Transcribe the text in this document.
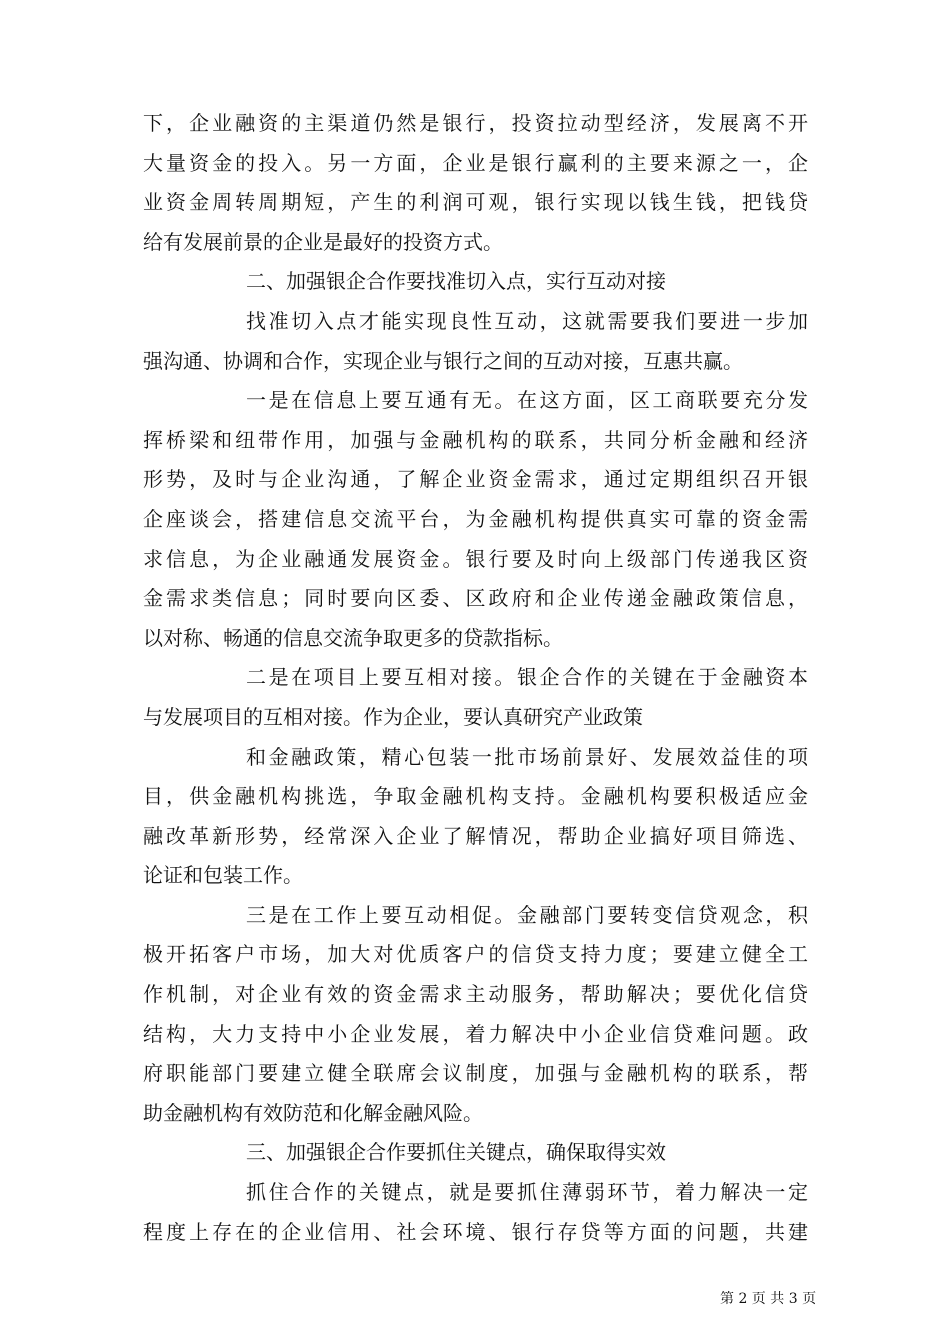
下，企业融资的主渠道仍然是银行，投资拉动型经济，发展离不开
大量资金的投入。另一方面，企业是银行赢利的主要来源之一，企
业资金周转周期短，产生的利润可观，银行实现以钱生钱，把钱贷
给有发展前景的企业是最好的投资方式。
二、加强银企合作要找准切入点，实行互动对接
找准切入点才能实现良性互动，这就需要我们要进一步加
强沟通、协调和合作，实现企业与银行之间的互动对接，互惠共赢。
一是在信息上要互通有无。在这方面，区工商联要充分发
挥桥梁和纽带作用，加强与金融机构的联系，共同分析金融和经济
形势，及时与企业沟通，了解企业资金需求，通过定期组织召开银
企座谈会，搭建信息交流平台，为金融机构提供真实可靠的资金需
求信息，为企业融通发展资金。银行要及时向上级部门传递我区资
金需求类信息；同时要向区委、区政府和企业传递金融政策信息，
以对称、畅通的信息交流争取更多的贷款指标。
二是在项目上要互相对接。银企合作的关键在于金融资本
与发展项目的互相对接。作为企业，要认真研究产业政策
和金融政策，精心包装一批市场前景好、发展效益佳的项
目，供金融机构挑选，争取金融机构支持。金融机构要积极适应金
融改革新形势，经常深入企业了解情况，帮助企业搞好项目筛选、
论证和包装工作。
三是在工作上要互动相促。金融部门要转变信贷观念，积
极开拓客户市场，加大对优质客户的信贷支持力度；要建立健全工
作机制，对企业有效的资金需求主动服务，帮助解决；要优化信贷
结构，大力支持中小企业发展，着力解决中小企业信贷难问题。政
府职能部门要建立健全联席会议制度，加强与金融机构的联系，帮
助金融机构有效防范和化解金融风险。
三、加强银企合作要抓住关键点，确保取得实效
抓住合作的关键点，就是要抓住薄弱环节，着力解决一定
程度上存在的企业信用、社会环境、银行存贷等方面的问题，共建
第 2 页 共 3 页
